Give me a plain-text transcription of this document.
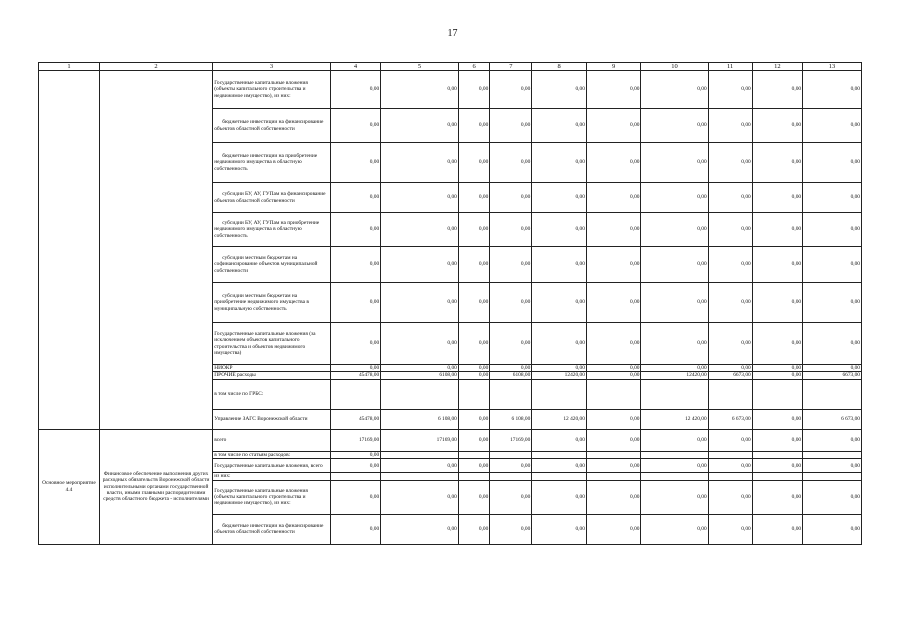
17
1	2	3	4	5	6	7	8	9	10	11	12	13
		Государственные капитальные вложения (объекты капитального строительства и недвижимое имущество), из них:	0,00	0,00	0,00	0,00	0,00	0,00	0,00	0,00	0,00	0,00
		бюджетные инвестиции на финансирование объектов областной собственности	0,00	0,00	0,00	0,00	0,00	0,00	0,00	0,00	0,00	0,00
		бюджетные инвестиции на приобретение недвижимого имущества в областную собственность	0,00	0,00	0,00	0,00	0,00	0,00	0,00	0,00	0,00	0,00
		субсидии БУ, АУ, ГУПам на финансирование объектов областной собственности	0,00	0,00	0,00	0,00	0,00	0,00	0,00	0,00	0,00	0,00
		субсидии БУ, АУ, ГУПам на приобретение недвижимого имущества в областную собственность	0,00	0,00	0,00	0,00	0,00	0,00	0,00	0,00	0,00	0,00
		субсидии местным бюджетам на софинансирование объектов муниципальной собственности	0,00	0,00	0,00	0,00	0,00	0,00	0,00	0,00	0,00	0,00
		субсидии местным бюджетам на приобретение недвижимого имущества в муниципальную собственность	0,00	0,00	0,00	0,00	0,00	0,00	0,00	0,00	0,00	0,00
		Государственные капитальные вложения (за исключением объектов капитального строительства и объектов недвижимого имущества)	0,00	0,00	0,00	0,00	0,00	0,00	0,00	0,00	0,00	0,00
		НИОКР	0,00	0,00	0,00	0,00	0,00	0,00	0,00	0,00	0,00	0,00
		ПРОЧИЕ расходы	45478,00	6108,00	0,00	6108,00	12420,00	0,00	12420,00	6673,00	0,00	6673,00
		в том числе по ГРБС:										
		Управление ЗАГС Воронежской области	45478,00	6 108,00	0,00	6 108,00	12 420,00	0,00	12 420,00	6 673,00	0,00	6 673,00
Основное мероприятие 4.4	Финансовое обеспечение выполнения других расходных обязательств Воронежской области исполнительными органами государственной власти, иными главными распорядителями средств областного бюджета - исполнителями	всего	17169,00	17169,00	0,00	17169,00	0,00	0,00	0,00	0,00	0,00	0,00
		в том числе по статьям расходов:	0,00									
		Государственные капитальные вложения, всего	0,00	0,00	0,00	0,00	0,00	0,00	0,00	0,00	0,00	0,00
		из них:										
		Государственные капитальные вложения (объекты капитального строительства и недвижимое имущество), из них:	0,00	0,00	0,00	0,00	0,00	0,00	0,00	0,00	0,00	0,00
		бюджетные инвестиции на финансирование объектов областной собственности	0,00	0,00	0,00	0,00	0,00	0,00	0,00	0,00	0,00	0,00
